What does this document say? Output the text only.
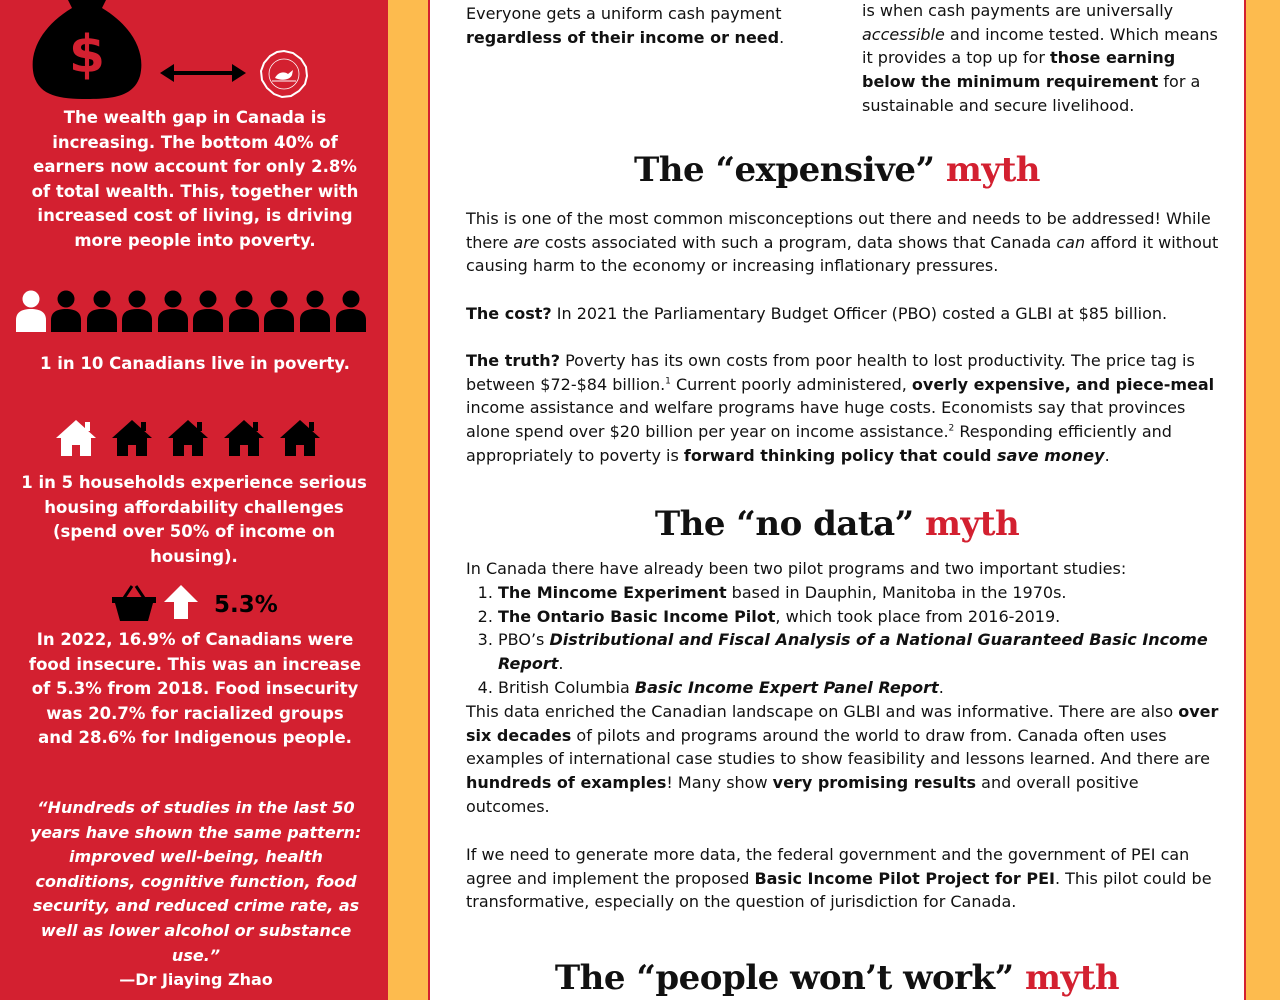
$
The wealth gap in Canada is increasing. The bottom 40% of earners now account for only 2.8% of total wealth. This, together with increased cost of living, is driving more people into poverty.
1 in 10 Canadians live in poverty.
1 in 5 households experience serious housing affordability challenges (spend over 50% of income on housing).
5.3%
In 2022, 16.9% of Canadians were food insecure. This was an increase of 5.3% from 2018. Food insecurity was 20.7% for racialized groups and 28.6% for Indigenous people.
“Hundreds of studies in the last 50 years have shown the same pattern: improved well-being, health conditions, cognitive function, food security, and reduced crime rate, as well as lower alcohol or substance use.”
—Dr Jiaying Zhao
Everyone gets a uniform cash payment regardless of their income or need.
is when cash payments are universally accessible and income tested. Which means it provides a top up for those earning below the minimum requirement for a sustainable and secure livelihood.
The “expensive” myth
This is one of the most common misconceptions out there and needs to be addressed! While there are costs associated with such a program, data shows that Canada can afford it without causing harm to the economy or increasing inflationary pressures.
The cost? In 2021 the Parliamentary Budget Officer (PBO) costed a GLBI at $85 billion.
The truth? Poverty has its own costs from poor health to lost productivity. The price tag is between $72-$84 billion.$^1$ Current poorly administered, overly expensive, and piece-meal income assistance and welfare programs have huge costs. Economists say that provinces alone spend over $20 billion per year on income assistance.$^2$ Responding efficiently and appropriately to poverty is forward thinking policy that could save money.
The “no data” myth
In Canada there have already been two pilot programs and two important studies:
1. The Mincome Experiment based in Dauphin, Manitoba in the 1970s.
2. The Ontario Basic Income Pilot, which took place from 2016-2019.
3. PBO’s Distributional and Fiscal Analysis of a National Guaranteed Basic Income Report.
4. British Columbia Basic Income Expert Panel Report.
This data enriched the Canadian landscape on GLBI and was informative. There are also over six decades of pilots and programs around the world to draw from. Canada often uses examples of international case studies to show feasibility and lessons learned. And there are hundreds of examples! Many show very promising results and overall positive outcomes.
If we need to generate more data, the federal government and the government of PEI can agree and implement the proposed Basic Income Pilot Project for PEI. This pilot could be transformative, especially on the question of jurisdiction for Canada.
The “people won’t work” myth
